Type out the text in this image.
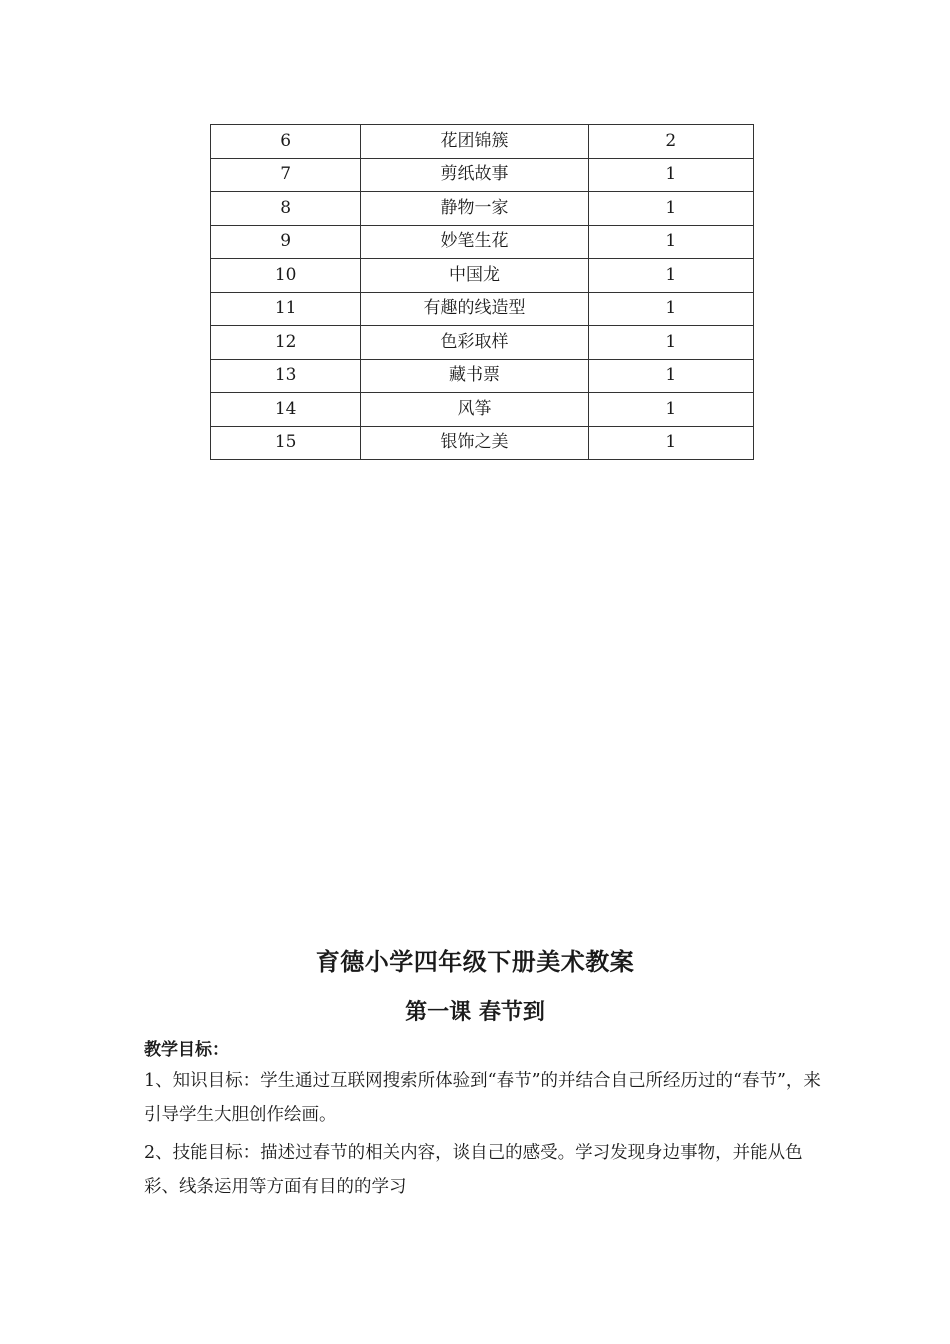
6	花团锦簇	2
7	剪纸故事	1
8	静物一家	1
9	妙笔生花	1
10	中国龙	1
11	有趣的线造型	1
12	色彩取样	1
13	藏书票	1
14	风筝	1
15	银饰之美	1
育德小学四年级下册美术教案
第一课 春节到

教学目标：

1、知识目标：学生通过互联网搜索所体验到“春节”的并结合自己所经历过的“春节”，来引导学生大胆创作绘画。

2、技能目标：描述过春节的相关内容，谈自己的感受。学习发现身边事物，并能从色彩、线条运用等方面有目的的学习
